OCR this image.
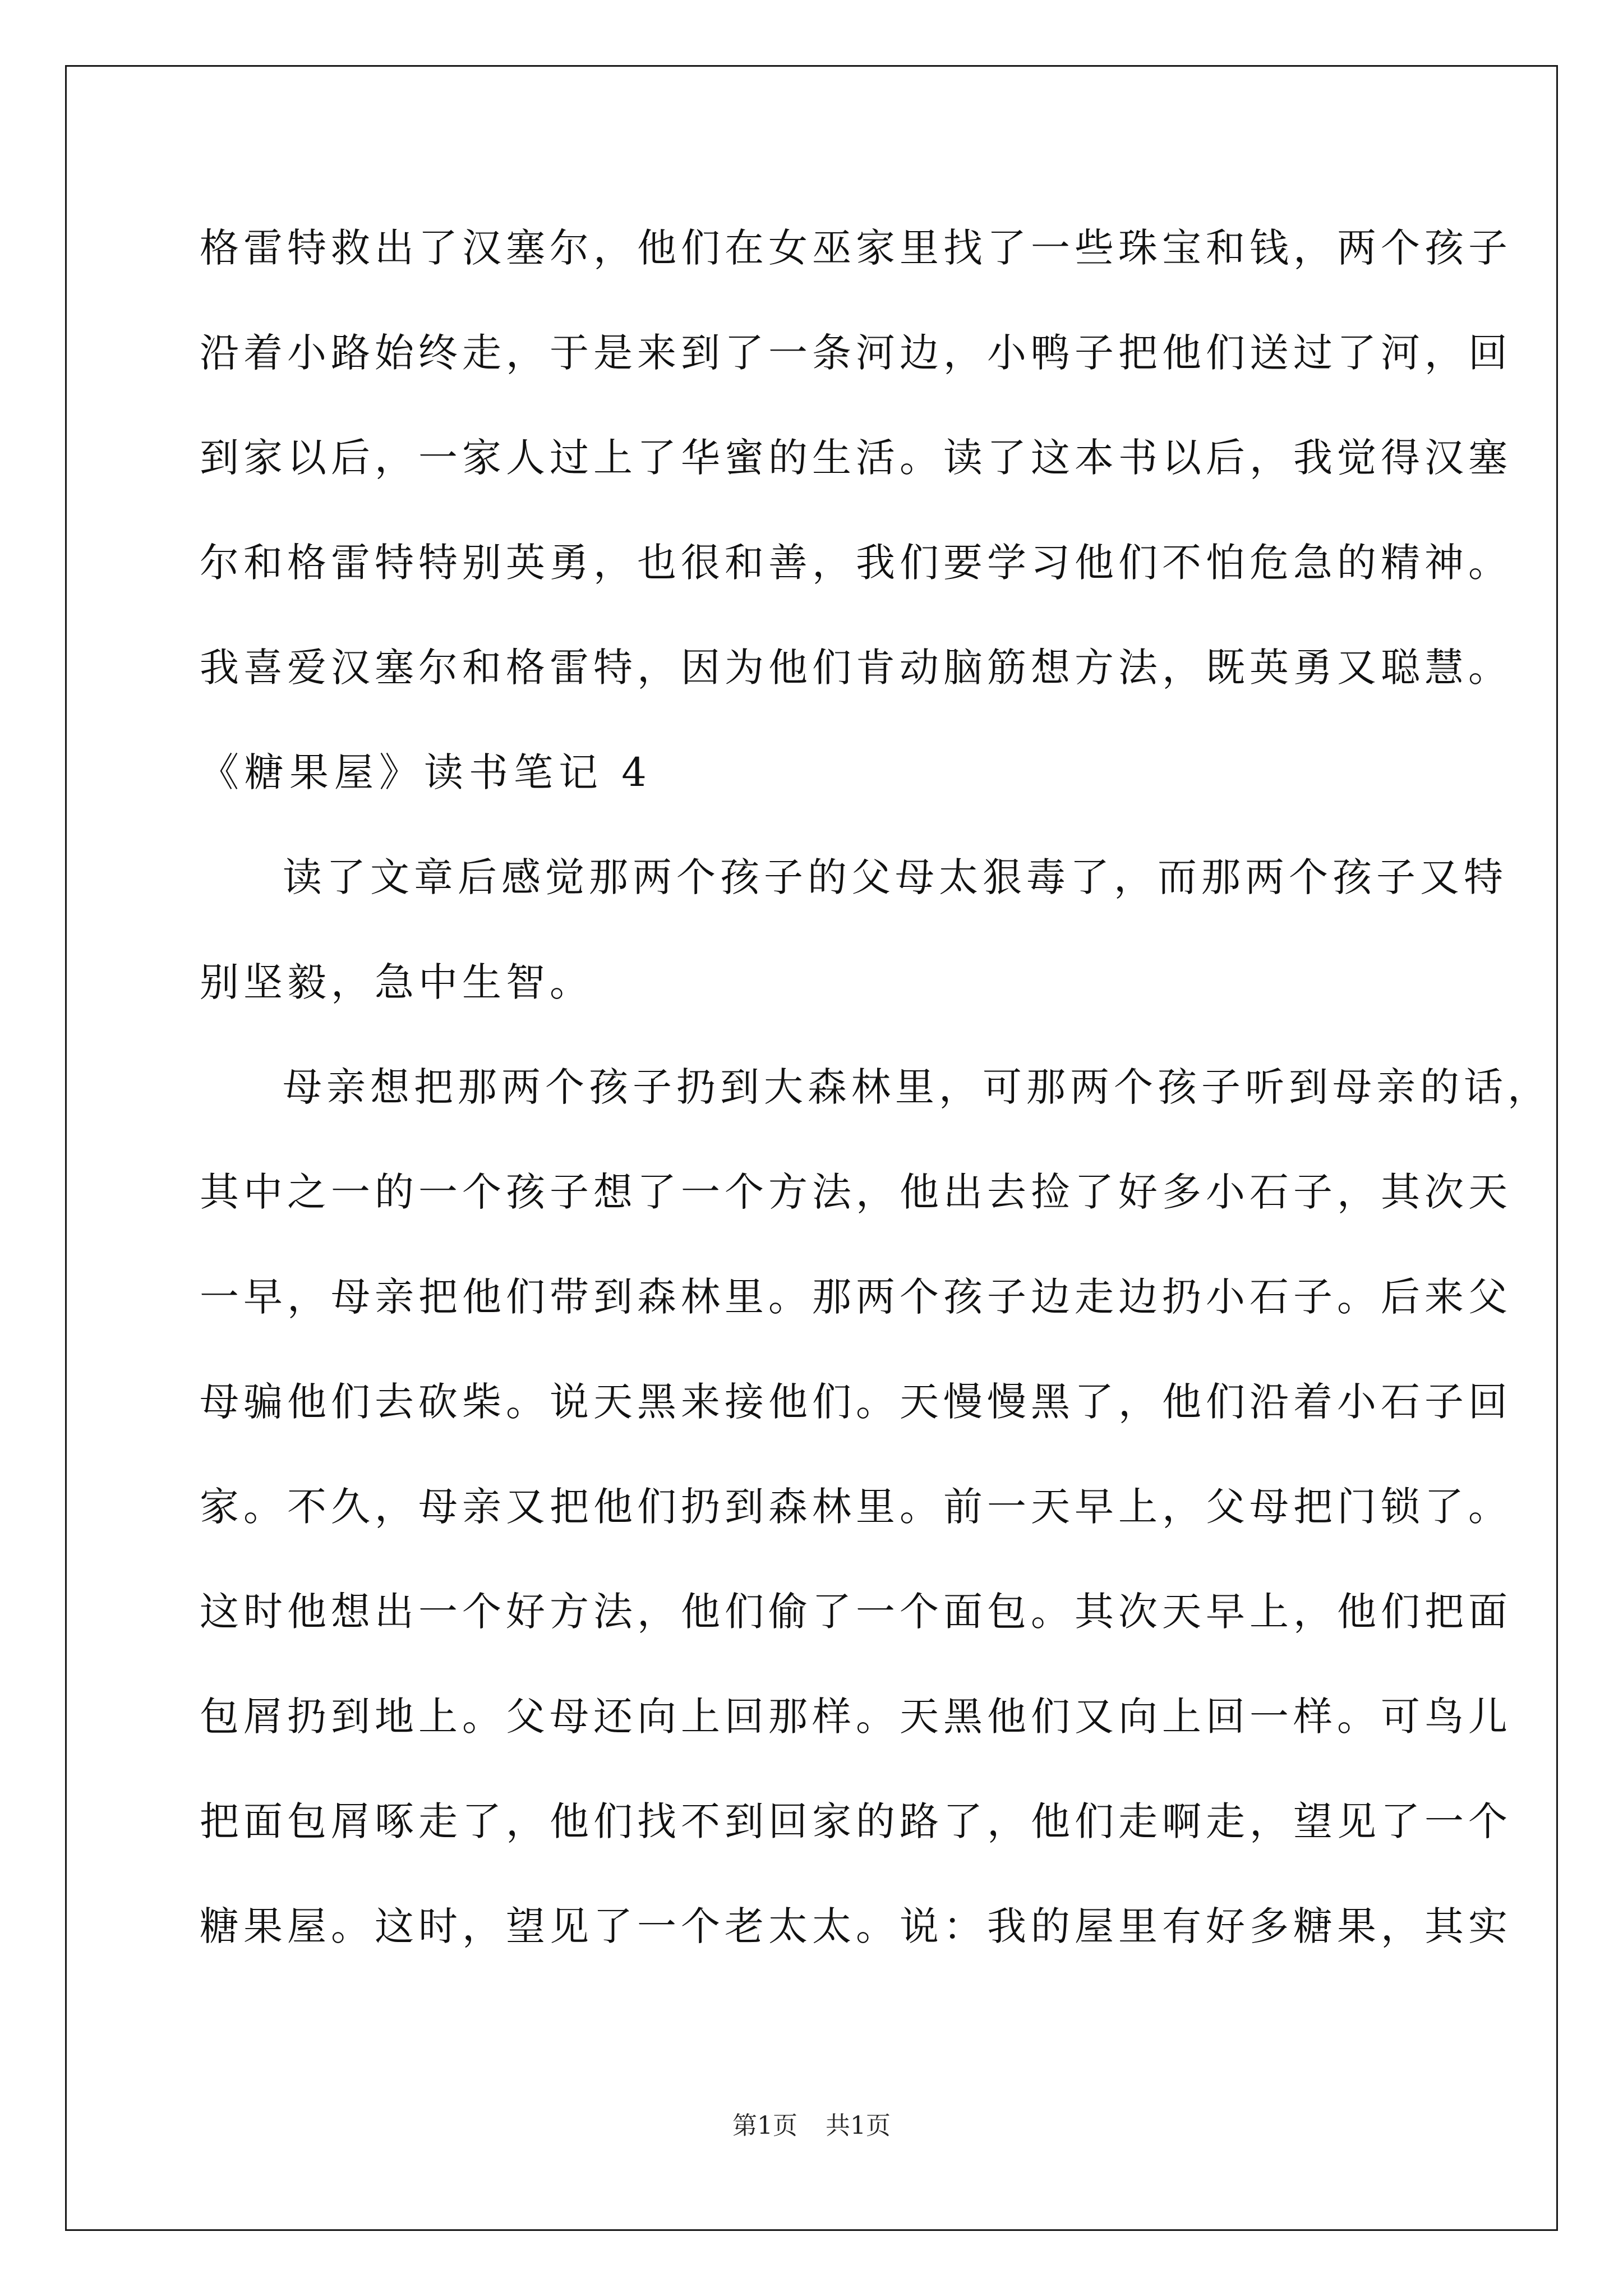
格雷特救出了汉塞尔，他们在女巫家里找了一些珠宝和钱，两个孩子
沿着小路始终走，于是来到了一条河边，小鸭子把他们送过了河，回
到家以后，一家人过上了华蜜的生活。读了这本书以后，我觉得汉塞
尔和格雷特特别英勇，也很和善，我们要学习他们不怕危急的精神。
我喜爱汉塞尔和格雷特，因为他们肯动脑筋想方法，既英勇又聪慧。
《糖果屋》读书笔记 4
读了文章后感觉那两个孩子的父母太狠毒了，而那两个孩子又特
别坚毅，急中生智。
母亲想把那两个孩子扔到大森林里，可那两个孩子听到母亲的话，
其中之一的一个孩子想了一个方法，他出去捡了好多小石子，其次天
一早，母亲把他们带到森林里。那两个孩子边走边扔小石子。后来父
母骗他们去砍柴。说天黑来接他们。天慢慢黑了，他们沿着小石子回
家。不久，母亲又把他们扔到森林里。前一天早上，父母把门锁了。
这时他想出一个好方法，他们偷了一个面包。其次天早上，他们把面
包屑扔到地上。父母还向上回那样。天黑他们又向上回一样。可鸟儿
把面包屑啄走了，他们找不到回家的路了，他们走啊走，望见了一个
糖果屋。这时，望见了一个老太太。说：我的屋里有好多糖果，其实
第1页 共1页
